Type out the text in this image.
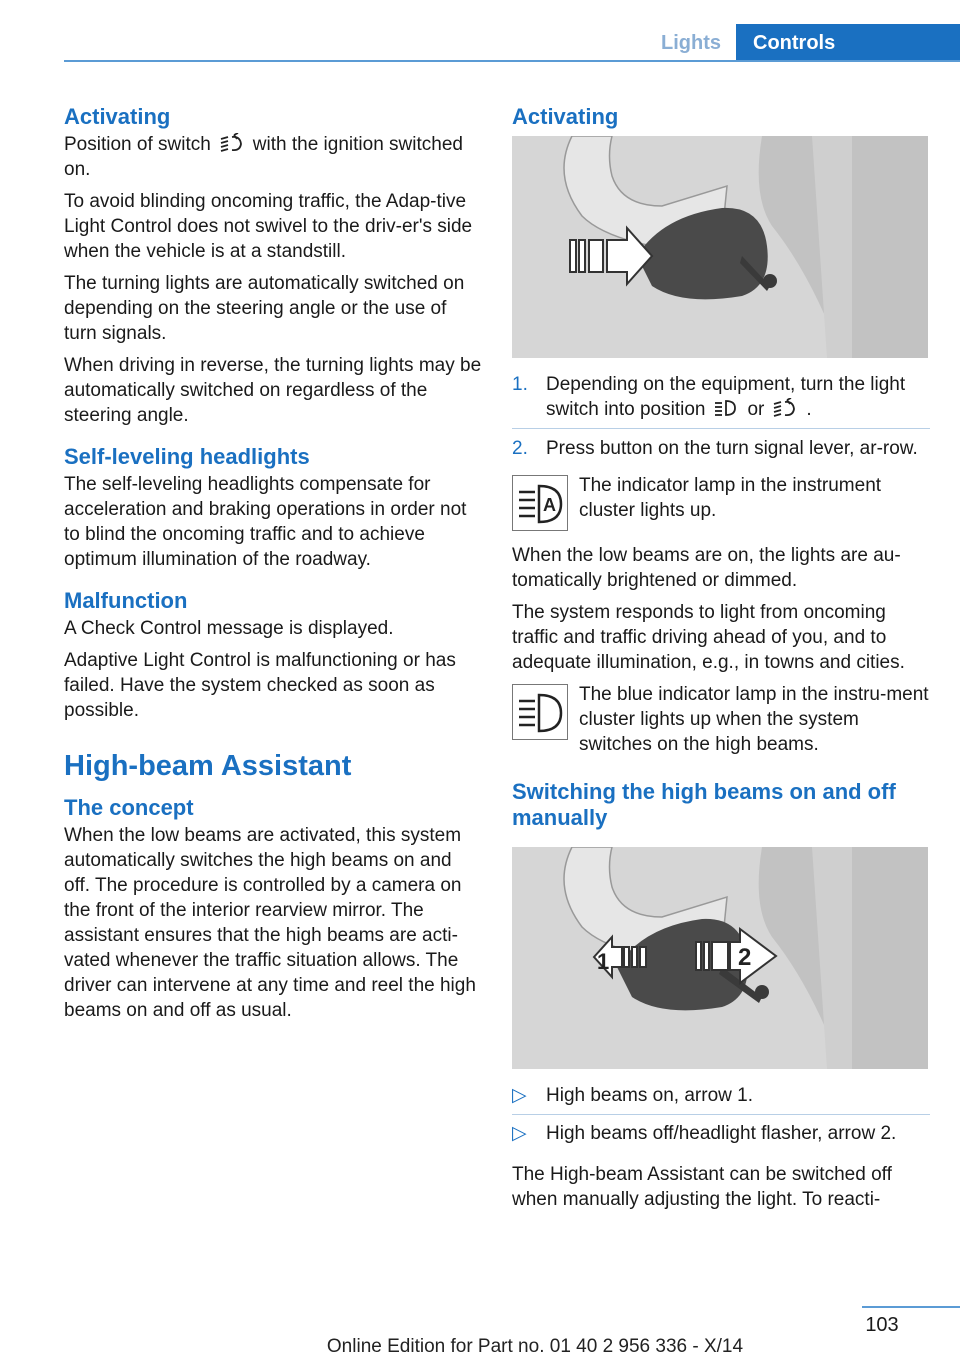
Lights	Controls
Activating

Position of switch with the ignition switched on.

To avoid blinding oncoming traffic, the Adap-tive Light Control does not swivel to the driv-er's side when the vehicle is at a standstill.

The turning lights are automatically switched on depending on the steering angle or the use of turn signals.

When driving in reverse, the turning lights may be automatically switched on regardless of the steering angle.

Self-leveling headlights

The self-leveling headlights compensate for acceleration and braking operations in order not to blind the oncoming traffic and to achieve optimum illumination of the roadway.

Malfunction

A Check Control message is displayed.

Adaptive Light Control is malfunctioning or has failed. Have the system checked as soon as possible.

High-beam Assistant
The concept

When the low beams are activated, this system automatically switches the high beams on and off. The procedure is controlled by a camera on the front of the interior rearview mirror. The assistant ensures that the high beams are acti-vated whenever the traffic situation allows. The driver can intervene at any time and reel the high beams on and off as usual.

Activating
1. Depending on the equipment, turn the light switch into position or .
2. Press button on the turn signal lever, ar-row.
A
The indicator lamp in the instrument cluster lights up.

When the low beams are on, the lights are au-tomatically brightened or dimmed.

The system responds to light from oncoming traffic and traffic driving ahead of you, and to adequate illumination, e.g., in towns and cities.

The blue indicator lamp in the instru-ment cluster lights up when the system switches on the high beams.
Switching the high beams on and off manually
1	2
▷ High beams on, arrow 1.
▷ High beams off/headlight flasher, arrow 2.

The High-beam Assistant can be switched off when manually adjusting the light. To reacti-

103
Online Edition for Part no. 01 40 2 956 336 - X/14
